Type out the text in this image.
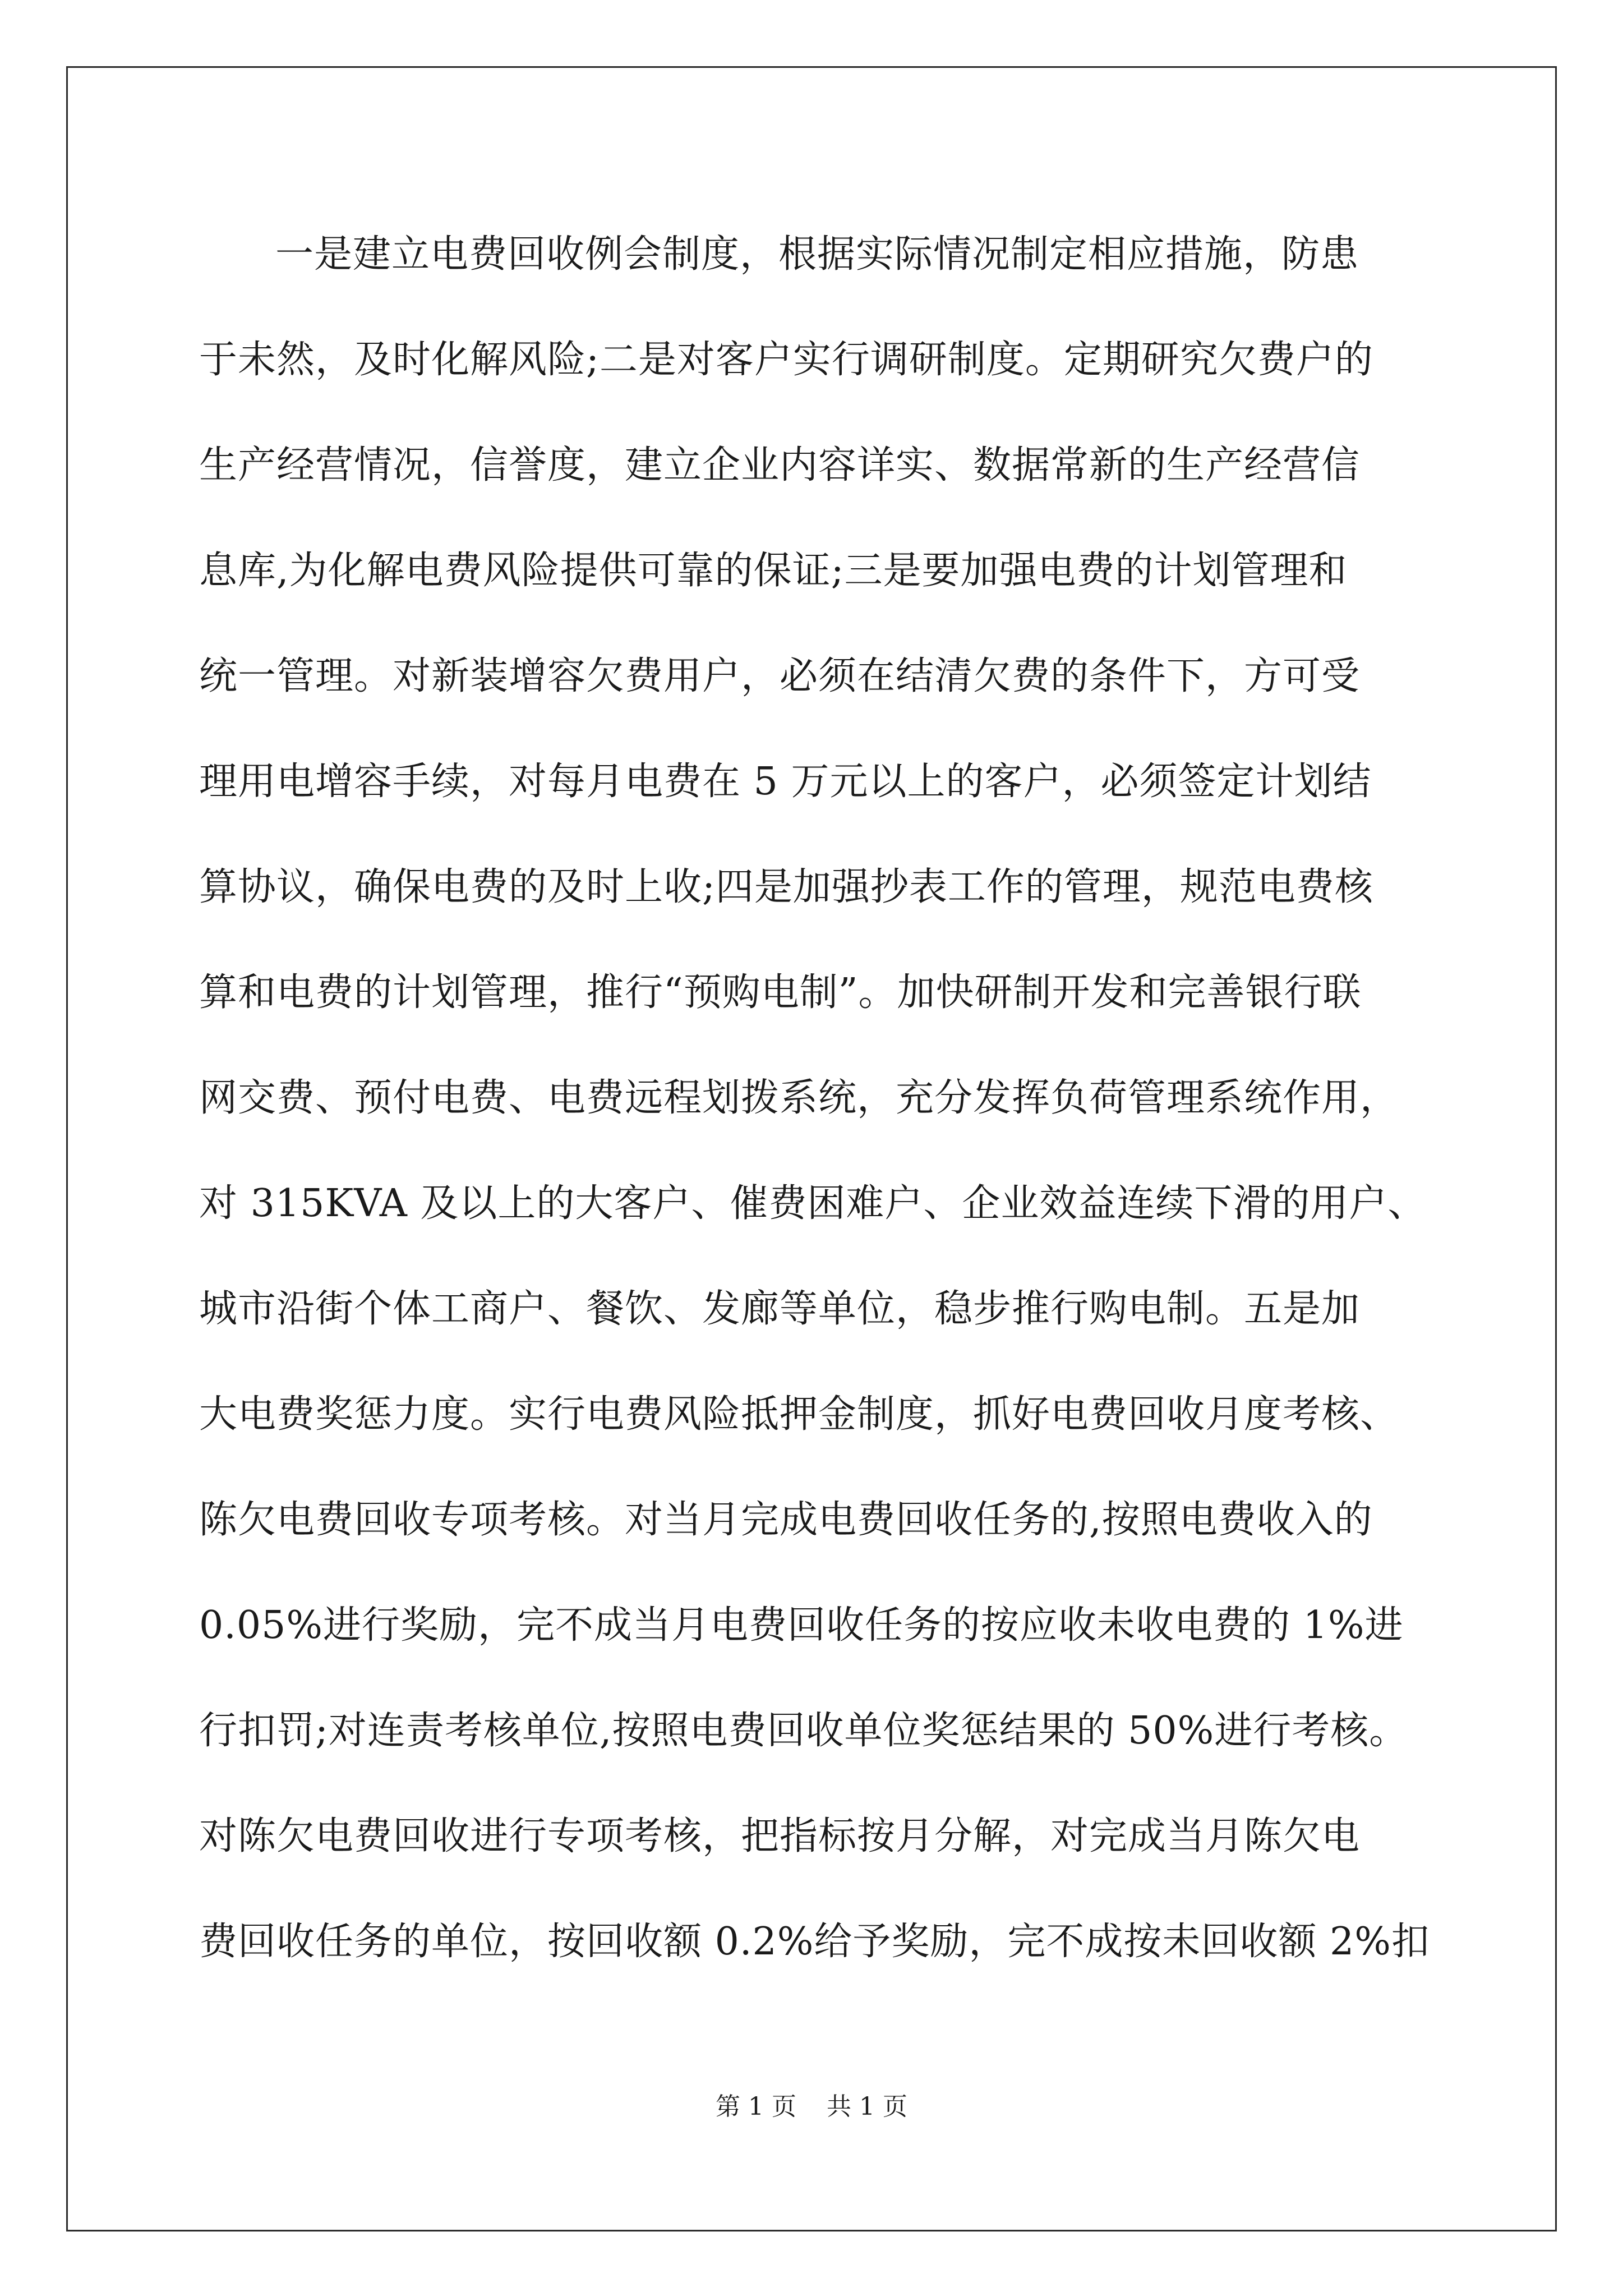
一是建立电费回收例会制度，根据实际情况制定相应措施，防患
于未然，及时化解风险;二是对客户实行调研制度。定期研究欠费户的
生产经营情况，信誉度，建立企业内容详实、数据常新的生产经营信
息库,为化解电费风险提供可靠的保证;三是要加强电费的计划管理和
统一管理。对新装增容欠费用户，必须在结清欠费的条件下，方可受
理用电增容手续，对每月电费在 5 万元以上的客户，必须签定计划结
算协议，确保电费的及时上收;四是加强抄表工作的管理，规范电费核
算和电费的计划管理，推行“预购电制”。加快研制开发和完善银行联
网交费、预付电费、电费远程划拨系统，充分发挥负荷管理系统作用，
对 315KVA 及以上的大客户、催费困难户、企业效益连续下滑的用户、
城市沿街个体工商户、餐饮、发廊等单位，稳步推行购电制。五是加
大电费奖惩力度。实行电费风险抵押金制度，抓好电费回收月度考核、
陈欠电费回收专项考核。对当月完成电费回收任务的,按照电费收入的
0.05%进行奖励，完不成当月电费回收任务的按应收未收电费的 1%进
行扣罚;对连责考核单位,按照电费回收单位奖惩结果的 50%进行考核。
对陈欠电费回收进行专项考核，把指标按月分解，对完成当月陈欠电
费回收任务的单位，按回收额 0.2%给予奖励，完不成按未回收额 2%扣
第 1 页 共 1 页
